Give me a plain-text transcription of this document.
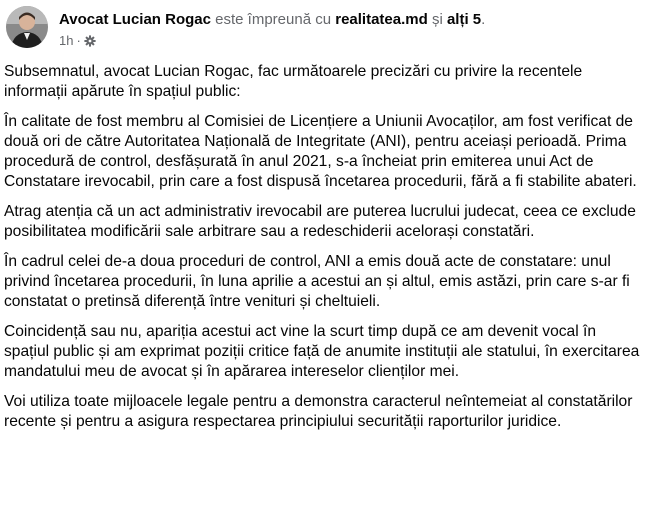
Avocat Lucian Rogac este împreună cu realitatea.md și alți 5.
1h ·

Subsemnatul, avocat Lucian Rogac, fac următoarele precizări cu privire la recentele informații apărute în spațiul public:

În calitate de fost membru al Comisiei de Licențiere a Uniunii Avocaților, am fost verificat de două ori de către Autoritatea Națională de Integritate (ANI), pentru aceiași perioadă. Prima procedură de control, desfășurată în anul 2021, s-a încheiat prin emiterea unui Act de Constatare irevocabil, prin care a fost dispusă încetarea procedurii, fără a fi stabilite abateri.

Atrag atenția că un act administrativ irevocabil are puterea lucrului judecat, ceea ce exclude posibilitatea modificării sale arbitrare sau a redeschiderii acelorași constatări.

În cadrul celei de-a doua proceduri de control, ANI a emis două acte de constatare: unul privind încetarea procedurii, în luna aprilie a acestui an și altul, emis astăzi, prin care s-ar fi constatat o pretinsă diferență între venituri și cheltuieli.

Coincidență sau nu, apariția acestui act vine la scurt timp după ce am devenit vocal în spațiul public și am exprimat poziții critice față de anumite instituții ale statului, în exercitarea mandatului meu de avocat și în apărarea intereselor clienților mei.

Voi utiliza toate mijloacele legale pentru a demonstra caracterul neîntemeiat al constatărilor recente și pentru a asigura respectarea principiului securității raporturilor juridice.
